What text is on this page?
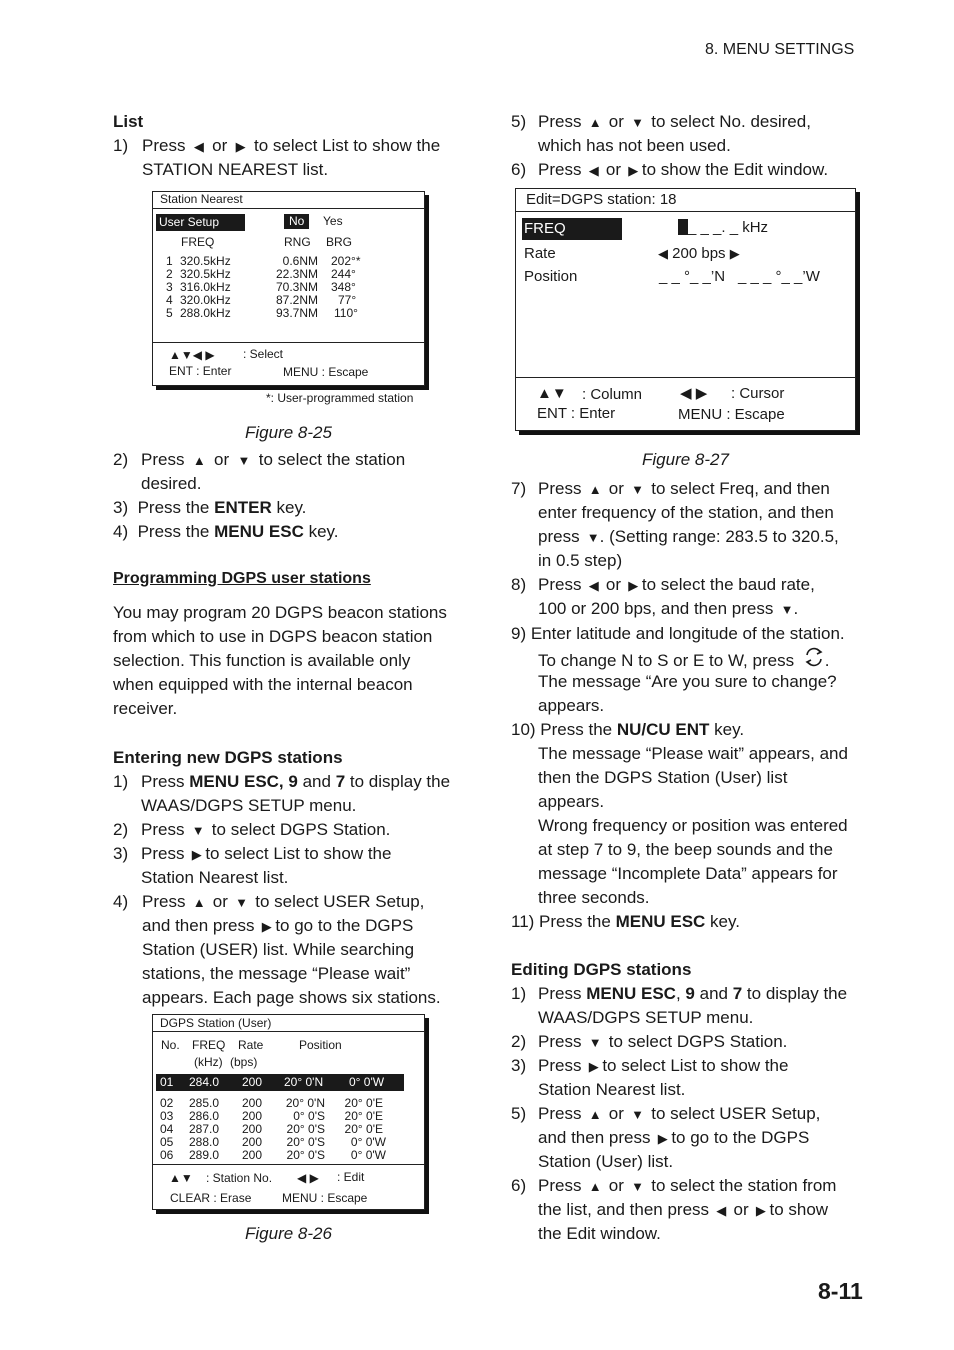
8. MENU SETTINGS
8-11
List
1) Press  ◀  or  ▶  to select List to show the
STATION NEAREST list.
Station Nearest
User Setup	No	Yes
FREQ	RNG BRG
1 320.5kHz	0.6NM 202°*
2 320.5kHz	22.3NM 244°
3 316.0kHz	70.3NM 348°
4 320.0kHz	87.2NM 77°
5 288.0kHz	93.7NM 110°
▲▼◀ ▶ : Select
ENT : Enter	MENU : Escape
*: User-programmed station
Figure 8-25
2) Press  ▲  or  ▼  to select the station
desired.
3) Press the ENTER key.
4) Press the MENU ESC key.
Programming DGPS user stations
You may program 20 DGPS beacon stations
from which to use in DGPS beacon station
selection. This function is available only
when equipped with the internal beacon
receiver.
Entering new DGPS stations
1) Press MENU ESC, 9 and 7 to display the
WAAS/DGPS SETUP menu.
2) Press  ▼  to select DGPS Station.
3) Press  ▶ to select List to show the
Station Nearest list.
4) Press  ▲  or  ▼  to select USER Setup,
and then press  ▶ to go to the DGPS
Station (USER) list. While searching
stations, the message “Please wait”
appears. Each page shows six stations.
DGPS Station (User)
No. FREQ Rate	Position
(kHz) (bps)
01 284.0 200 20° 0'N 0° 0'W
02 285.0 200	20° 0'N	20° 0'E
03 286.0 200	0° 0'S	20° 0'E
04 287.0 200	20° 0'S	20° 0'E
05 288.0 200	20° 0'S	0° 0'W
06 289.0 200	20° 0'S	0° 0'W
▲▼ : Station No. ◀ ▶ : Edit
CLEAR : Erase	MENU : Escape
Figure 8-26
5) Press  ▲  or  ▼  to select No. desired,
which has not been used.
6) Press  ◀  or  ▶ to show the Edit window.
Edit=DGPS station: 18
FREQ	_ _ _. _ kHz
Rate	◀ 200 bps ▶
Position	_ _ °_ _’N _ _ _ °_ _’W
▲▼ : Column	◀ ▶ : Cursor
ENT : Enter	MENU : Escape
Figure 8-27
7) Press  ▲  or  ▼  to select Freq, and then
enter frequency of the station, and then
press  ▼. (Setting range: 283.5 to 320.5,
in 0.5 step)
8) Press  ◀  or  ▶ to select the baud rate,
100 or 200 bps, and then press  ▼.
9) Enter latitude and longitude of the station.
To change N to S or E to W, press .
The message “Are you sure to change?
appears.
10) Press the NU/CU ENT key.
The message “Please wait” appears, and
then the DGPS Station (User) list
appears.
Wrong frequency or position was entered
at step 7 to 9, the beep sounds and the
message “Incomplete Data” appears for
three seconds.
11) Press the MENU ESC key.
Editing DGPS stations
1) Press MENU ESC, 9 and 7 to display the
WAAS/DGPS SETUP menu.
2) Press  ▼  to select DGPS Station.
3) Press  ▶ to select List to show the
Station Nearest list.
5) Press  ▲  or  ▼  to select USER Setup,
and then press  ▶ to go to the DGPS
Station (User) list.
6) Press  ▲  or  ▼  to select the station from
the list, and then press  ◀  or  ▶ to show
the Edit window.
